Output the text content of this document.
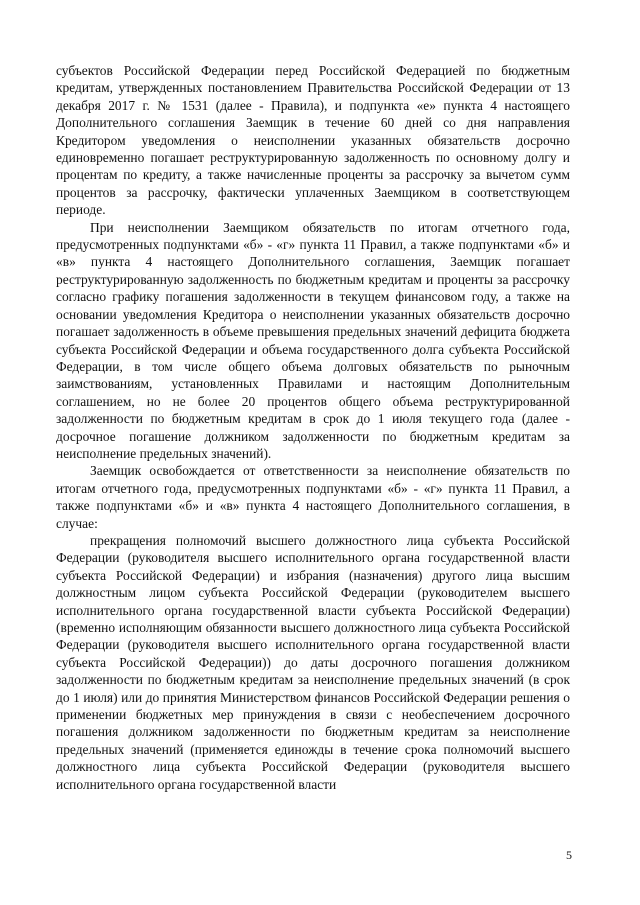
субъектов Российской Федерации перед Российской Федерацией по бюджетным кредитам, утвержденных постановлением Правительства Российской Федерации от 13 декабря 2017 г. № 1531 (далее - Правила), и подпункта «е» пункта 4 настоящего Дополнительного соглашения Заемщик в течение 60 дней со дня направления Кредитором уведомления о неисполнении указанных обязательств досрочно единовременно погашает реструктурированную задолженность по основному долгу и процентам по кредиту, а также начисленные проценты за рассрочку за вычетом сумм процентов за рассрочку, фактически уплаченных Заемщиком в соответствующем периоде.

При неисполнении Заемщиком обязательств по итогам отчетного года, предусмотренных подпунктами «б» - «г» пункта 11 Правил, а также подпунктами «б» и «в» пункта 4 настоящего Дополнительного соглашения, Заемщик погашает реструктурированную задолженность по бюджетным кредитам и проценты за рассрочку согласно графику погашения задолженности в текущем финансовом году, а также на основании уведомления Кредитора о неисполнении указанных обязательств досрочно погашает задолженность в объеме превышения предельных значений дефицита бюджета субъекта Российской Федерации и объема государственного долга субъекта Российской Федерации, в том числе общего объема долговых обязательств по рыночным заимствованиям, установленных Правилами и настоящим Дополнительным соглашением, но не более 20 процентов общего объема реструктурированной задолженности по бюджетным кредитам в срок до 1 июля текущего года (далее - досрочное погашение должником задолженности по бюджетным кредитам за неисполнение предельных значений).

Заемщик освобождается от ответственности за неисполнение обязательств по итогам отчетного года, предусмотренных подпунктами «б» - «г» пункта 11 Правил, а также подпунктами «б» и «в» пункта 4 настоящего Дополнительного соглашения, в случае:

прекращения полномочий высшего должностного лица субъекта Российской Федерации (руководителя высшего исполнительного органа государственной власти субъекта Российской Федерации) и избрания (назначения) другого лица высшим должностным лицом субъекта Российской Федерации (руководителем высшего исполнительного органа государственной власти субъекта Российской Федерации) (временно исполняющим обязанности высшего должностного лица субъекта Российской Федерации (руководителя высшего исполнительного органа государственной власти субъекта Российской Федерации)) до даты досрочного погашения должником задолженности по бюджетным кредитам за неисполнение предельных значений (в срок до 1 июля) или до принятия Министерством финансов Российской Федерации решения о применении бюджетных мер принуждения в связи с необеспечением досрочного погашения должником задолженности по бюджетным кредитам за неисполнение предельных значений (применяется единожды в течение срока полномочий высшего должностного лица субъекта Российской Федерации (руководителя высшего исполнительного органа государственной власти

5
